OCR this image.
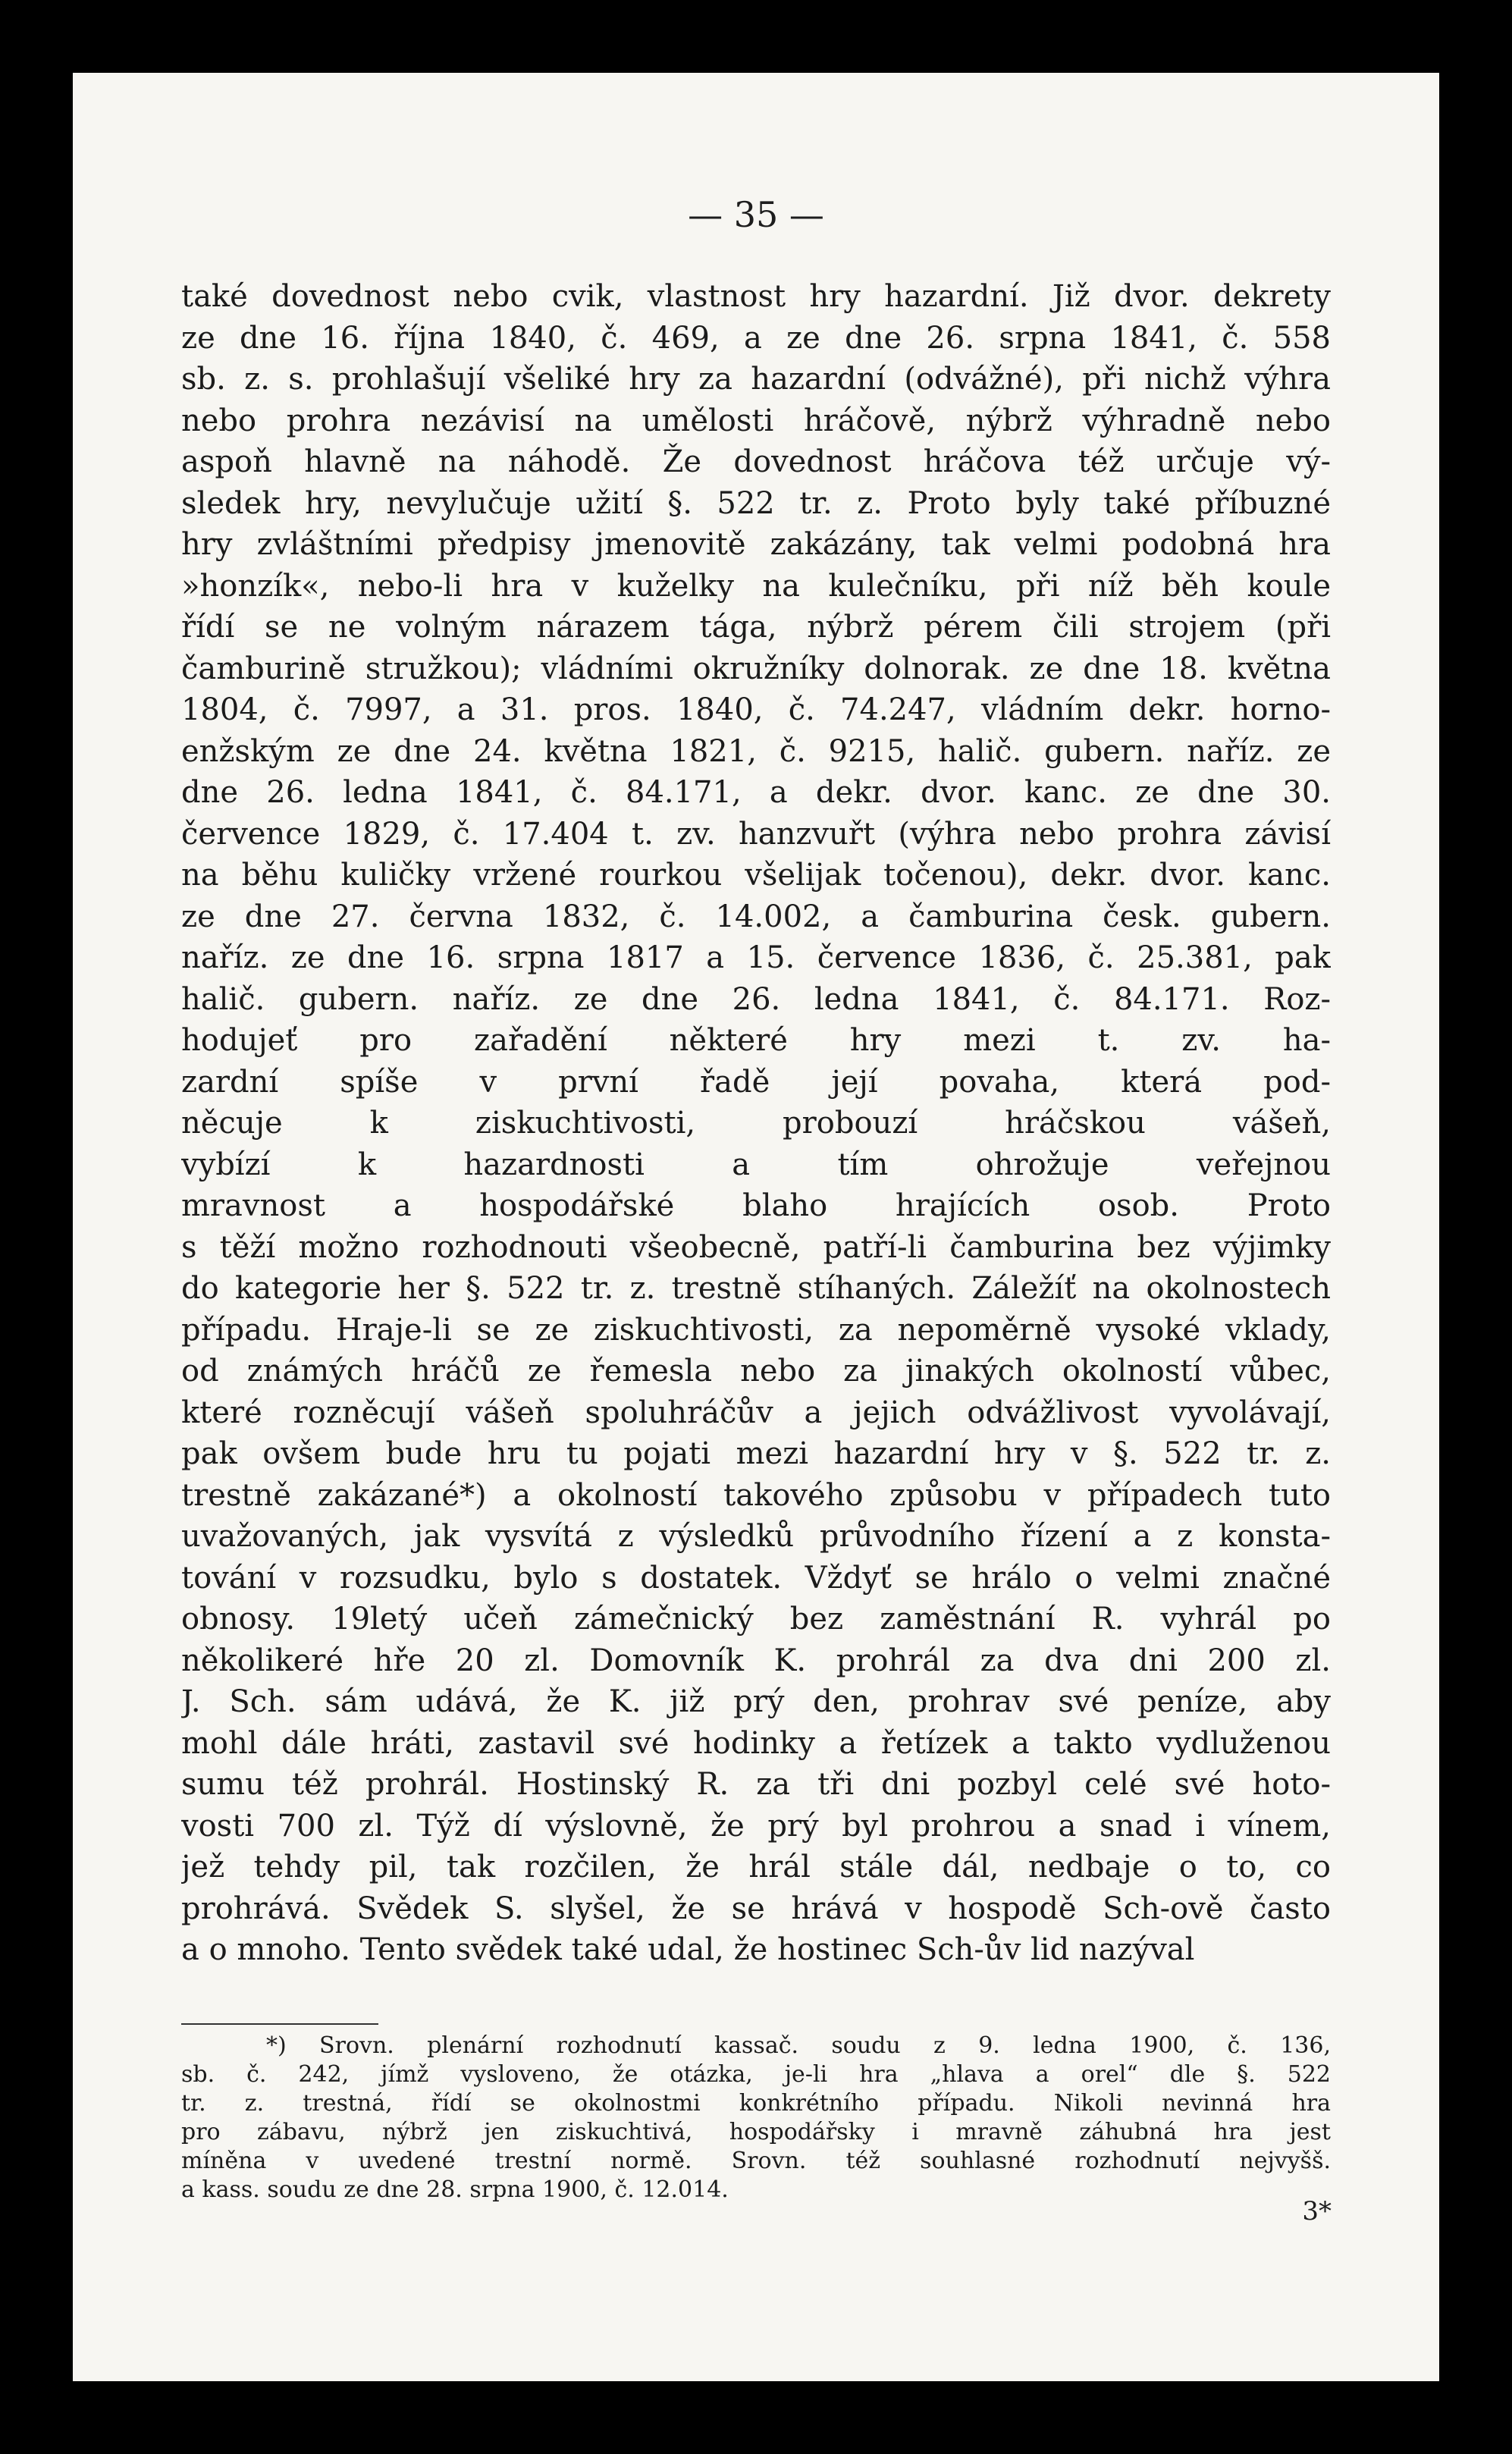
— 35 —
také dovednost nebo cvik, vlastnost hry hazardní. Již dvor. dekrety
ze dne 16. října 1840, č. 469, a ze dne 26. srpna 1841, č. 558
sb. z. s. prohlašují všeliké hry za hazardní (odvážné), při nichž výhra
nebo prohra nezávisí na umělosti hráčově, nýbrž výhradně nebo
aspoň hlavně na náhodě. Že dovednost hráčova též určuje vý-
sledek hry, nevylučuje užití §. 522 tr. z. Proto byly také příbuzné
hry zvláštními předpisy jmenovitě zakázány, tak velmi podobná hra
»honzík«, nebo-li hra v kuželky na kulečníku, při níž běh koule
řídí se ne volným nárazem tága, nýbrž pérem čili strojem (při
čamburině stružkou); vládními okružníky dolnorak. ze dne 18. května
1804, č. 7997, a 31. pros. 1840, č. 74.247, vládním dekr. horno-
enžským ze dne 24. května 1821, č. 9215, halič. gubern. naříz. ze
dne 26. ledna 1841, č. 84.171, a dekr. dvor. kanc. ze dne 30.
července 1829, č. 17.404 t. zv. hanzvuřt (výhra nebo prohra závisí
na běhu kuličky vržené rourkou všelijak točenou), dekr. dvor. kanc.
ze dne 27. června 1832, č. 14.002, a čamburina česk. gubern.
naříz. ze dne 16. srpna 1817 a 15. července 1836, č. 25.381, pak
halič. gubern. naříz. ze dne 26. ledna 1841, č. 84.171. Roz-
hodujeť pro zařadění některé hry mezi t. zv. ha-
zardní spíše v první řadě její povaha, která pod-
něcuje k ziskuchtivosti, probouzí hráčskou vášeň,
vybízí k hazardnosti a tím ohrožuje veřejnou
mravnost a hospodářské blaho hrajících osob. Proto
s těží možno rozhodnouti všeobecně, patří-li čamburina bez výjimky
do kategorie her §. 522 tr. z. trestně stíhaných. Záležíť na okolnostech
případu. Hraje-li se ze ziskuchtivosti, za nepoměrně vysoké vklady,
od známých hráčů ze řemesla nebo za jinakých okolností vůbec,
které rozněcují vášeň spoluhráčův a jejich odvážlivost vyvolávají,
pak ovšem bude hru tu pojati mezi hazardní hry v §. 522 tr. z.
trestně zakázané*) a okolností takového způsobu v případech tuto
uvažovaných, jak vysvítá z výsledků průvodního řízení a z konsta-
tování v rozsudku, bylo s dostatek. Vždyť se hrálo o velmi značné
obnosy. 19letý učeň zámečnický bez zaměstnání R. vyhrál po
několikeré hře 20 zl. Domovník K. prohrál za dva dni 200 zl.
J. Sch. sám udává, že K. již prý den, prohrav své peníze, aby
mohl dále hráti, zastavil své hodinky a řetízek a takto vydluženou
sumu též prohrál. Hostinský R. za tři dni pozbyl celé své hoto-
vosti 700 zl. Týž dí výslovně, že prý byl prohrou a snad i vínem,
jež tehdy pil, tak rozčilen, že hrál stále dál, nedbaje o to, co
prohrává. Svědek S. slyšel, že se hrává v hospodě Sch-ově často
a o mnoho. Tento svědek také udal, že hostinec Sch-ův lid nazýval
*) Srovn. plenární rozhodnutí kassač. soudu z 9. ledna 1900, č. 136,
sb. č. 242, jímž vysloveno, že otázka, je-li hra „hlava a orel“ dle §. 522
tr. z. trestná, řídí se okolnostmi konkrétního případu. Nikoli nevinná hra
pro zábavu, nýbrž jen ziskuchtivá, hospodářsky i mravně záhubná hra jest
míněna v uvedené trestní normě. Srovn. též souhlasné rozhodnutí nejvyšš.
a kass. soudu ze dne 28. srpna 1900, č. 12.014.
3*
